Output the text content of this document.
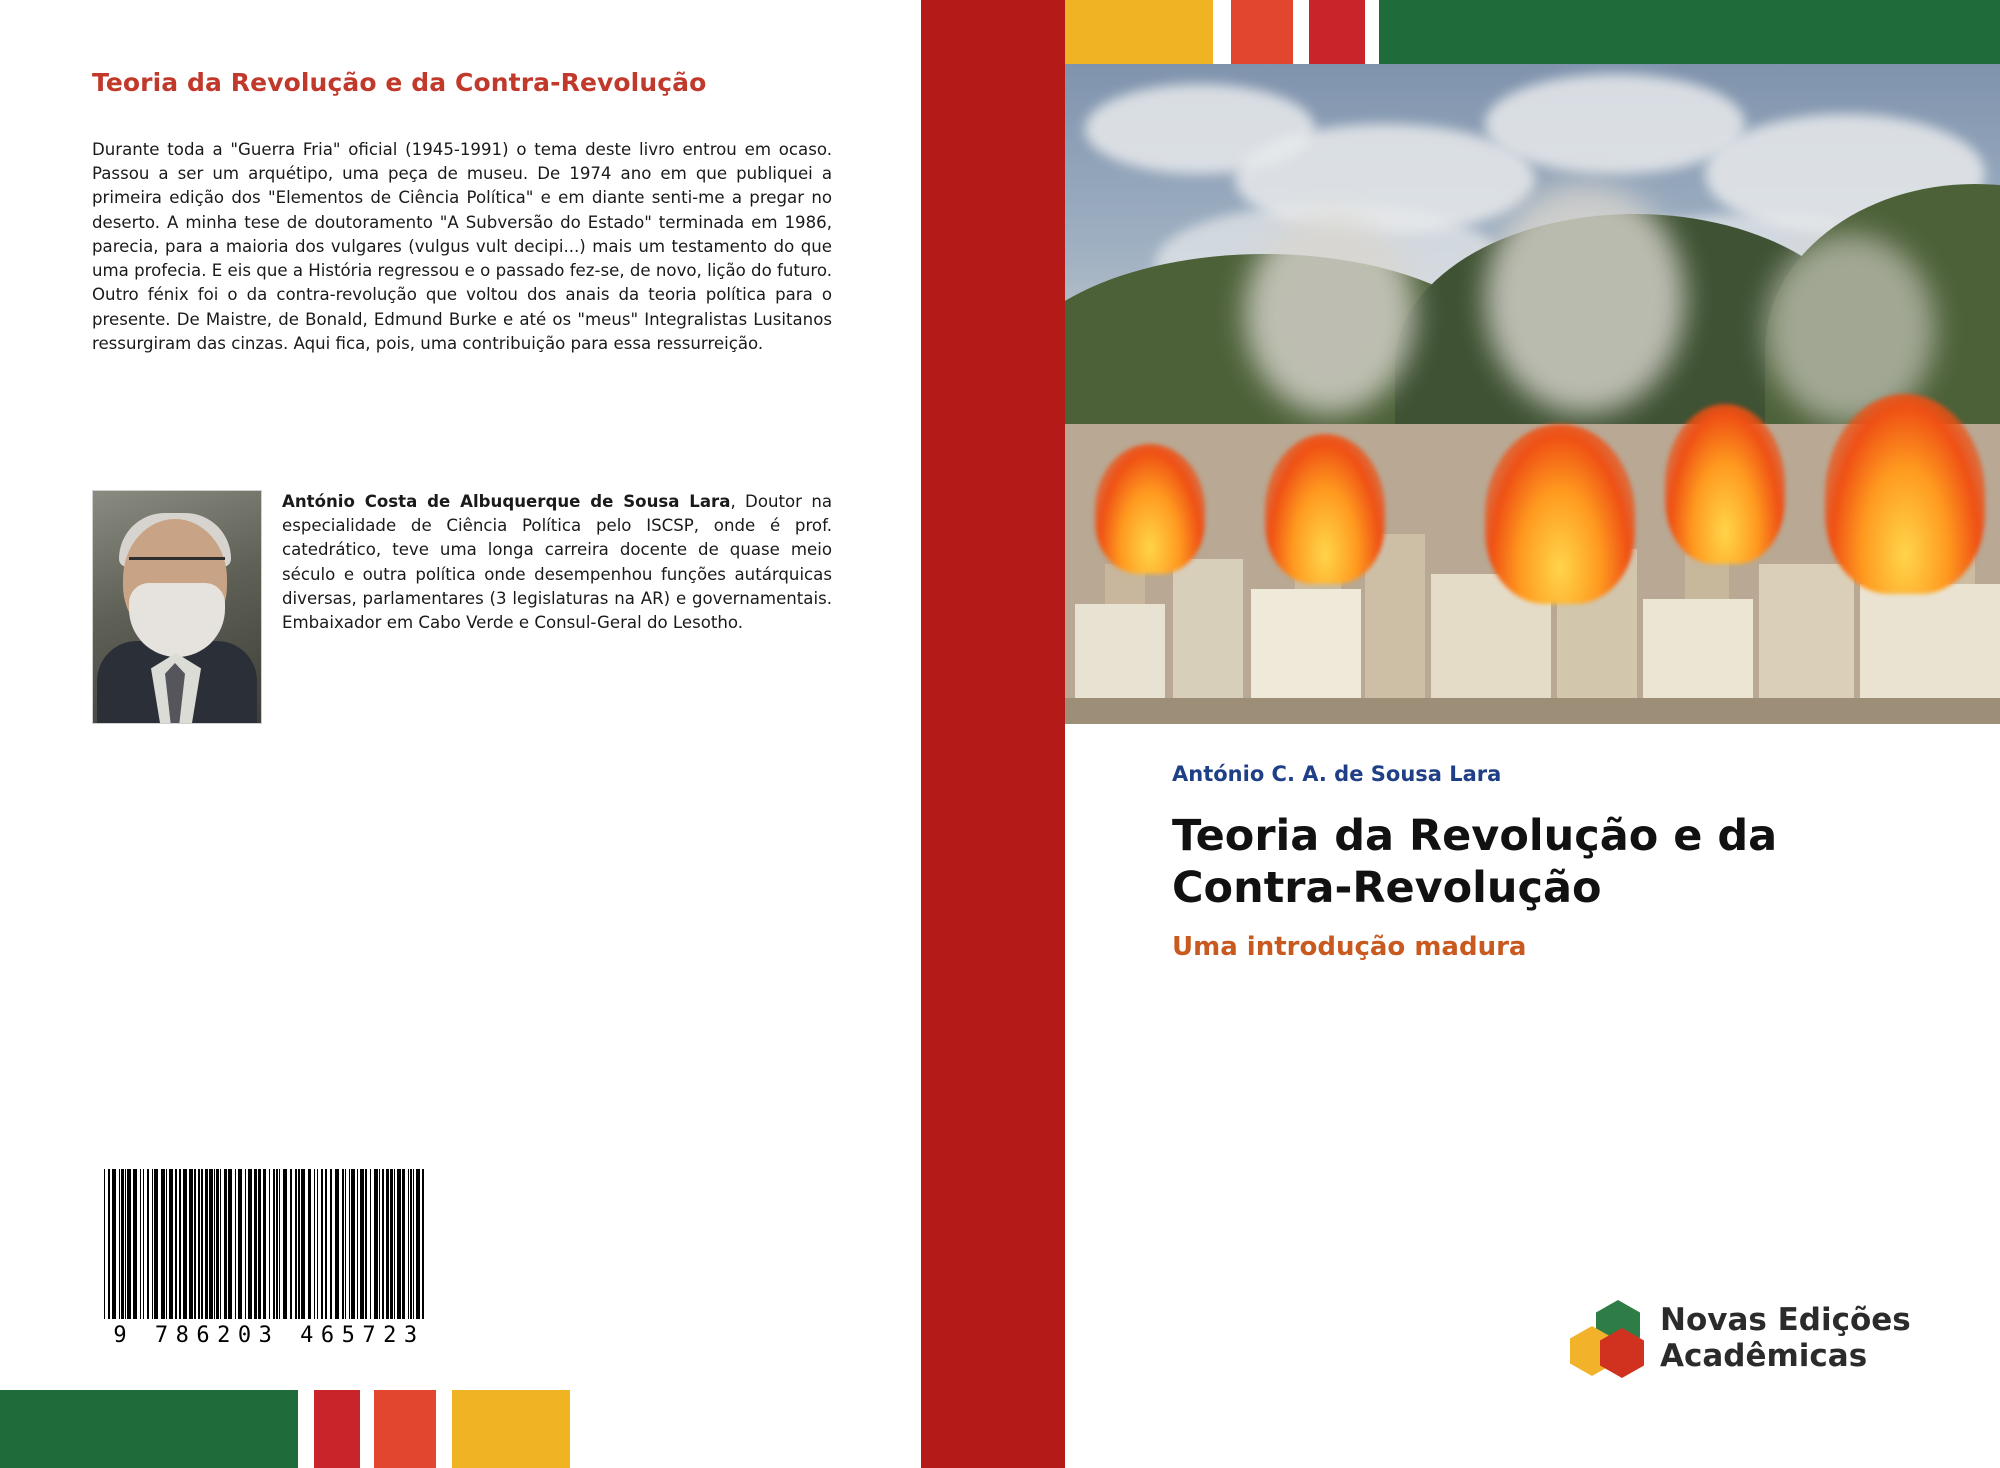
Teoria da Revolução e da Contra-Revolução
Durante toda a "Guerra Fria" oficial (1945-1991) o tema deste livro entrou em ocaso. Passou a ser um arquétipo, uma peça de museu. De 1974 ano em que publiquei a primeira edição dos "Elementos de Ciência Política" e em diante senti-me a pregar no deserto. A minha tese de doutoramento "A Subversão do Estado" terminada em 1986, parecia, para a maioria dos vulgares (vulgus vult decipi...) mais um testamento do que uma profecia. E eis que a História regressou e o passado fez-se, de novo, lição do futuro. Outro fénix foi o da contra-revolução que voltou dos anais da teoria política para o presente. De Maistre, de Bonald, Edmund Burke e até os "meus" Integralistas Lusitanos ressurgiram das cinzas. Aqui fica, pois, uma contribuição para essa ressurreição.
António Costa de Albuquerque de Sousa Lara, Doutor na especialidade de Ciência Política pelo ISCSP, onde é prof. catedrático, teve uma longa carreira docente de quase meio século e outra política onde desempenhou funções autárquicas diversas, parlamentares (3 legislaturas na AR) e governamentais. Embaixador em Cabo Verde e Consul-Geral do Lesotho.
9 786203 465723
António C. A. de Sousa Lara
Teoria da Revolução e da Contra-Revolução
Uma introdução madura
Novas Edições
Acadêmicas
